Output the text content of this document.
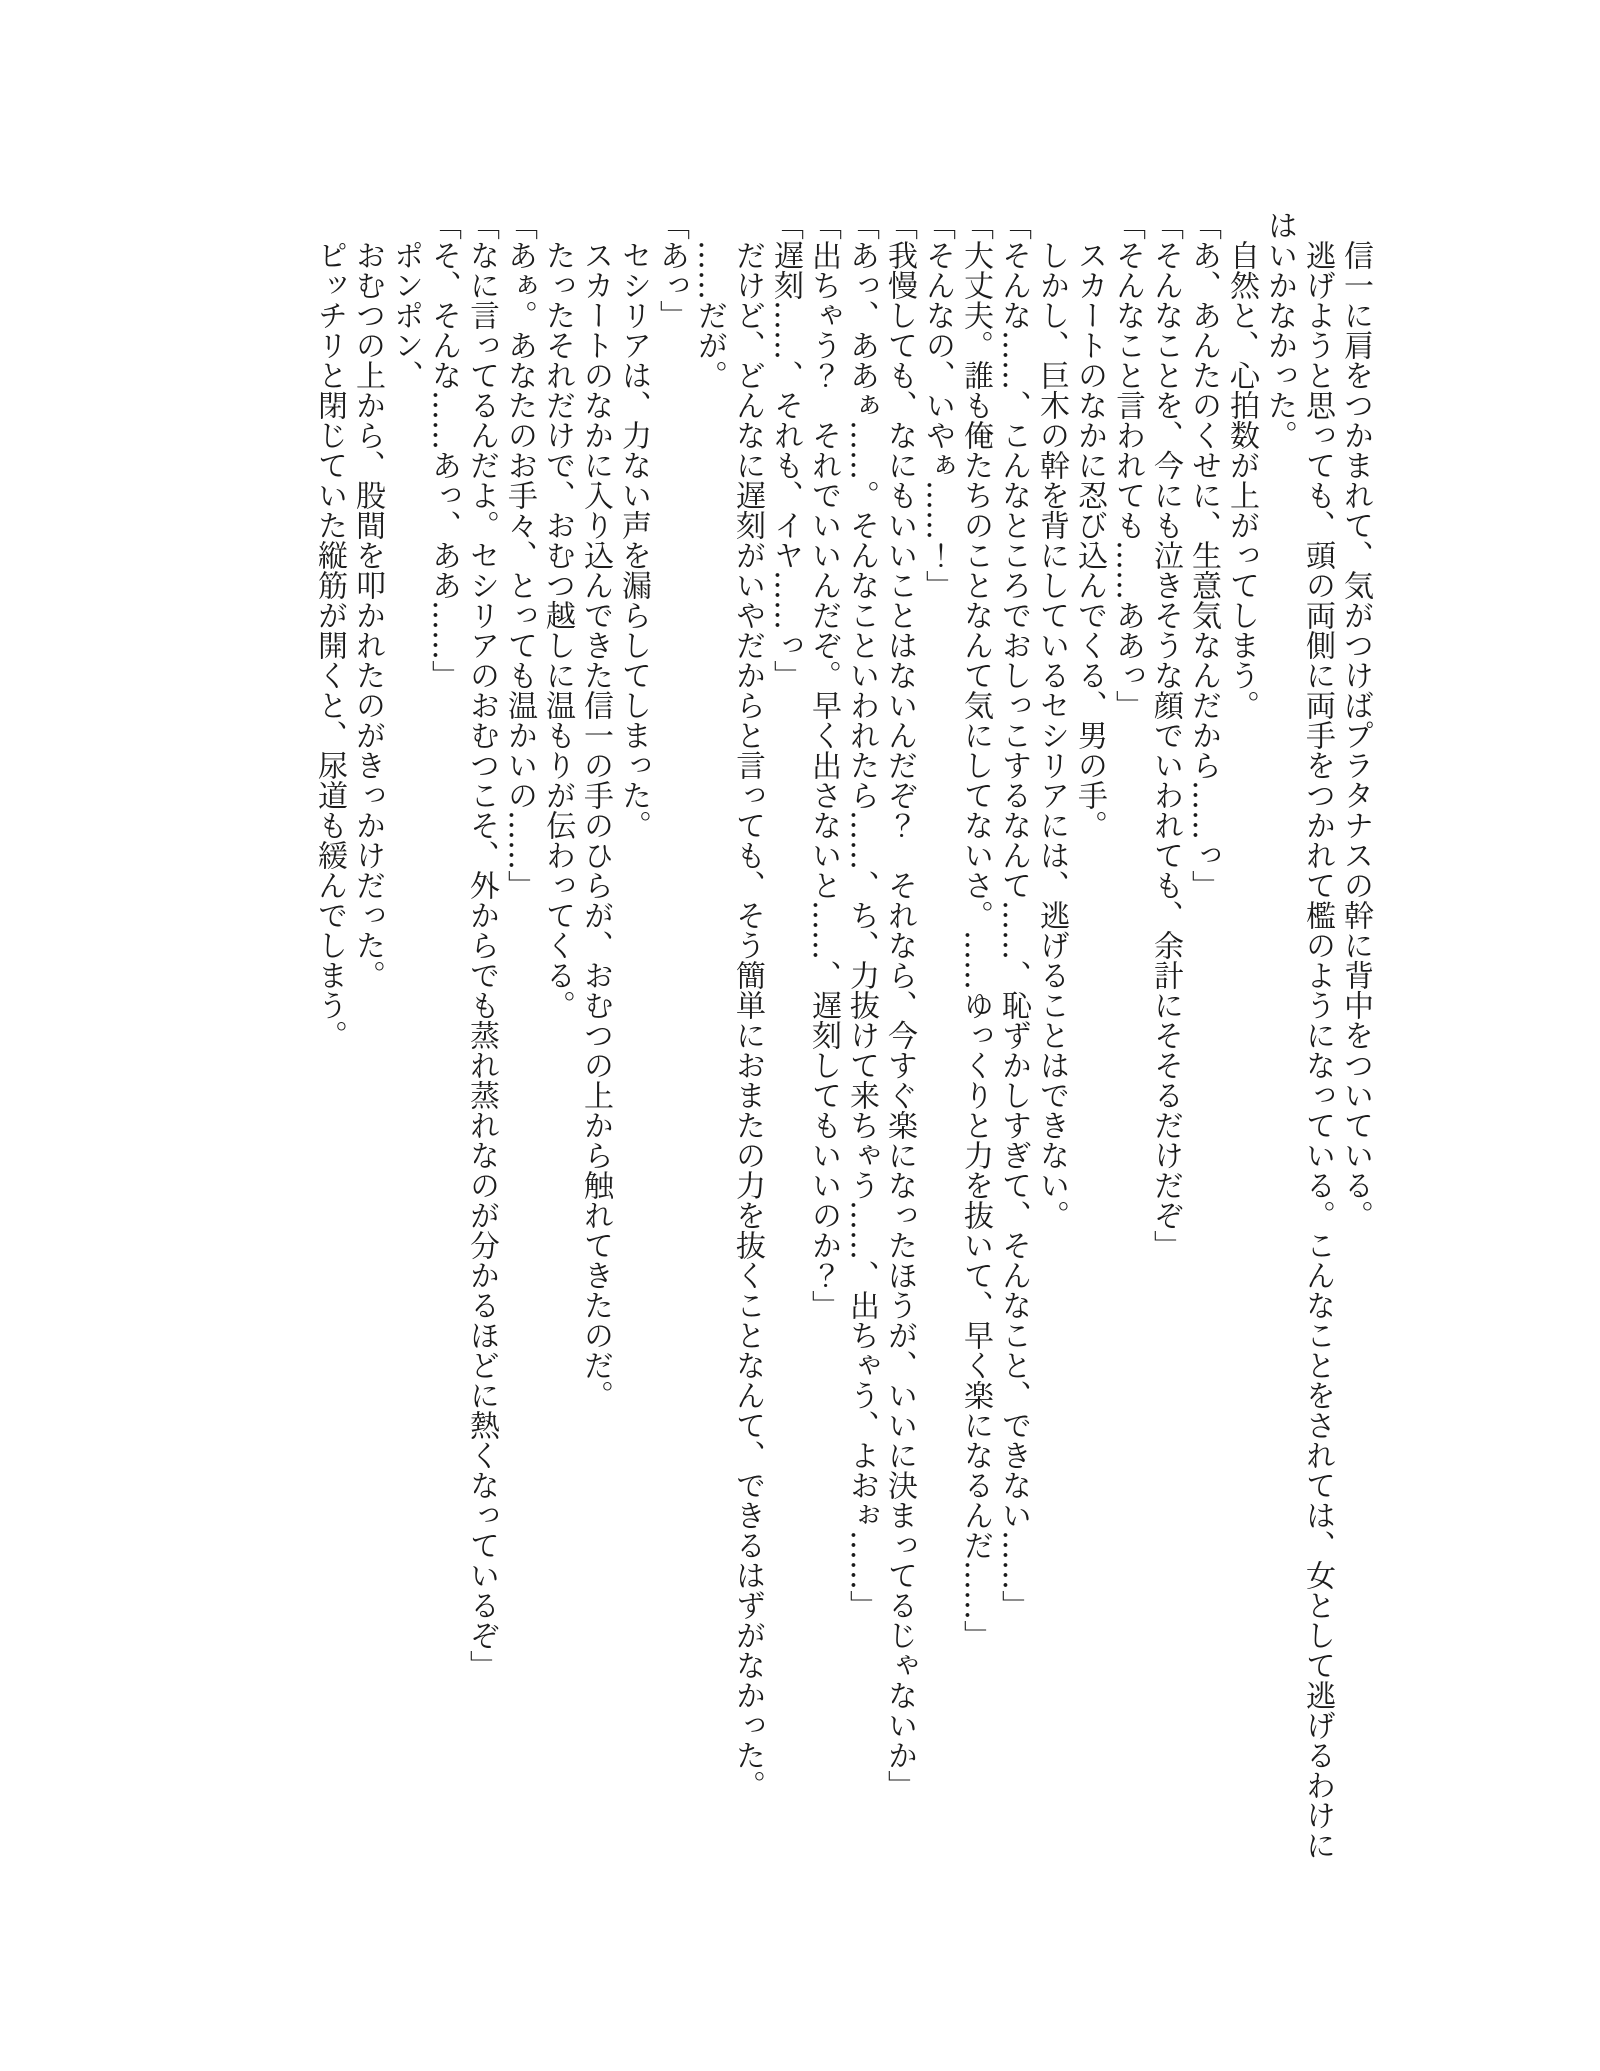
信一に肩をつかまれて、気がつけばプラタナスの幹に背中をついている。

逃げようと思っても、頭の両側に両手をつかれて檻のようになっている。こんなことをされては、女として逃げるわけにはいかなかった。

自然と、心拍数が上がってしまう。

「あ、あんたのくせに、生意気なんだから……っ」

「そんなことを、今にも泣きそうな顔でいわれても、余計にそそるだけだぞ」

「そんなこと言われても……ああっ」

スカートのなかに忍び込んでくる、男の手。

しかし、巨木の幹を背にしているセシリアには、逃げることはできない。

「そんな……、こんなところでおしっこするなんて……、恥ずかしすぎて、そんなこと、できない……」

「大丈夫。誰も俺たちのことなんて気にしてないさ。……ゆっくりと力を抜いて、早く楽になるんだ……」

「そんなの、いやぁ……！」

「我慢しても、なにもいいことはないんだぞ？　それなら、今すぐ楽になったほうが、いいに決まってるじゃないか」

「あっ、ああぁ……。そんなこといわれたら……、ち、力抜けて来ちゃう……、出ちゃう、よおぉ……」

「出ちゃう？　それでいいんだぞ。早く出さないと……、遅刻してもいいのか？」

「遅刻……、それも、イヤ……っ」

だけど、どんなに遅刻がいやだからと言っても、そう簡単におまたの力を抜くことなんて、できるはずがなかった。

……だが。

「あっ」

セシリアは、力ない声を漏らしてしまった。

スカートのなかに入り込んできた信一の手のひらが、おむつの上から触れてきたのだ。

たったそれだけで、おむつ越しに温もりが伝わってくる。

「あぁ。あなたのお手々、とっても温かいの……」

「なに言ってるんだよ。セシリアのおむつこそ、外からでも蒸れ蒸れなのが分かるほどに熱くなっているぞ」

「そ、そんな……あっ、ああ……」

ポンポン、

おむつの上から、股間を叩かれたのがきっかけだった。

ピッチリと閉じていた縦筋が開くと、尿道も緩んでしまう。
